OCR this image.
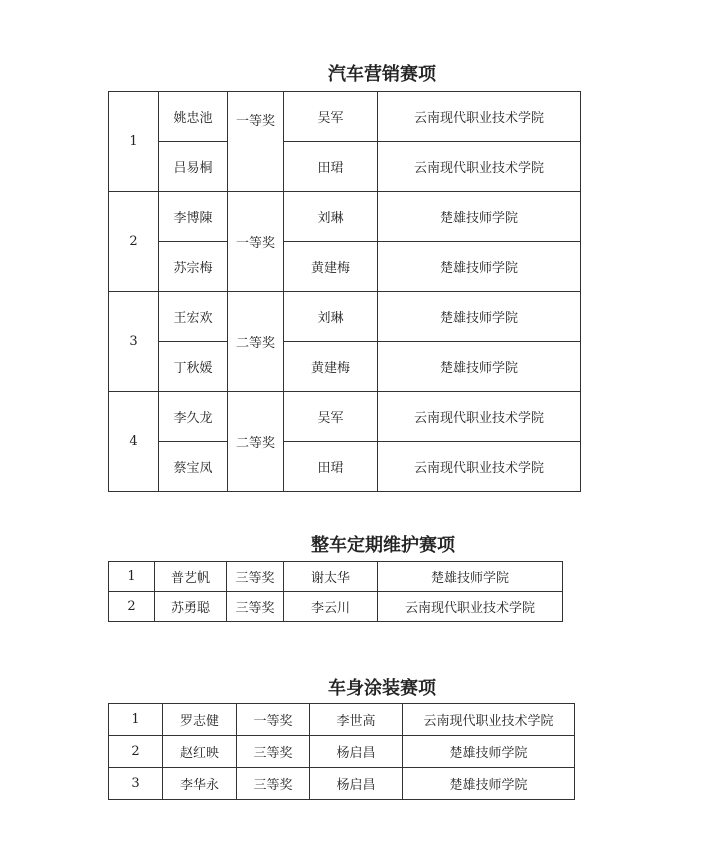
汽车营销赛项
1	姚忠池	一等奖	吴军	云南现代职业技术学院
	吕易桐		田珺	云南现代职业技术学院
2	李博陳	一等奖	刘琳	楚雄技师学院
	苏宗梅		黄建梅	楚雄技师学院
3	王宏欢	二等奖	刘琳	楚雄技师学院
	丁秋媛		黄建梅	楚雄技师学院
4	李久龙	二等奖	吴军	云南现代职业技术学院
	蔡宝凤		田珺	云南现代职业技术学院
整车定期维护赛项
1	普艺帆	三等奖	谢太华	楚雄技师学院
2	苏勇聪	三等奖	李云川	云南现代职业技术学院
车身涂装赛项
1	罗志健	一等奖	李世高	云南现代职业技术学院
2	赵红映	三等奖	杨启昌	楚雄技师学院
3	李华永	三等奖	杨启昌	楚雄技师学院
